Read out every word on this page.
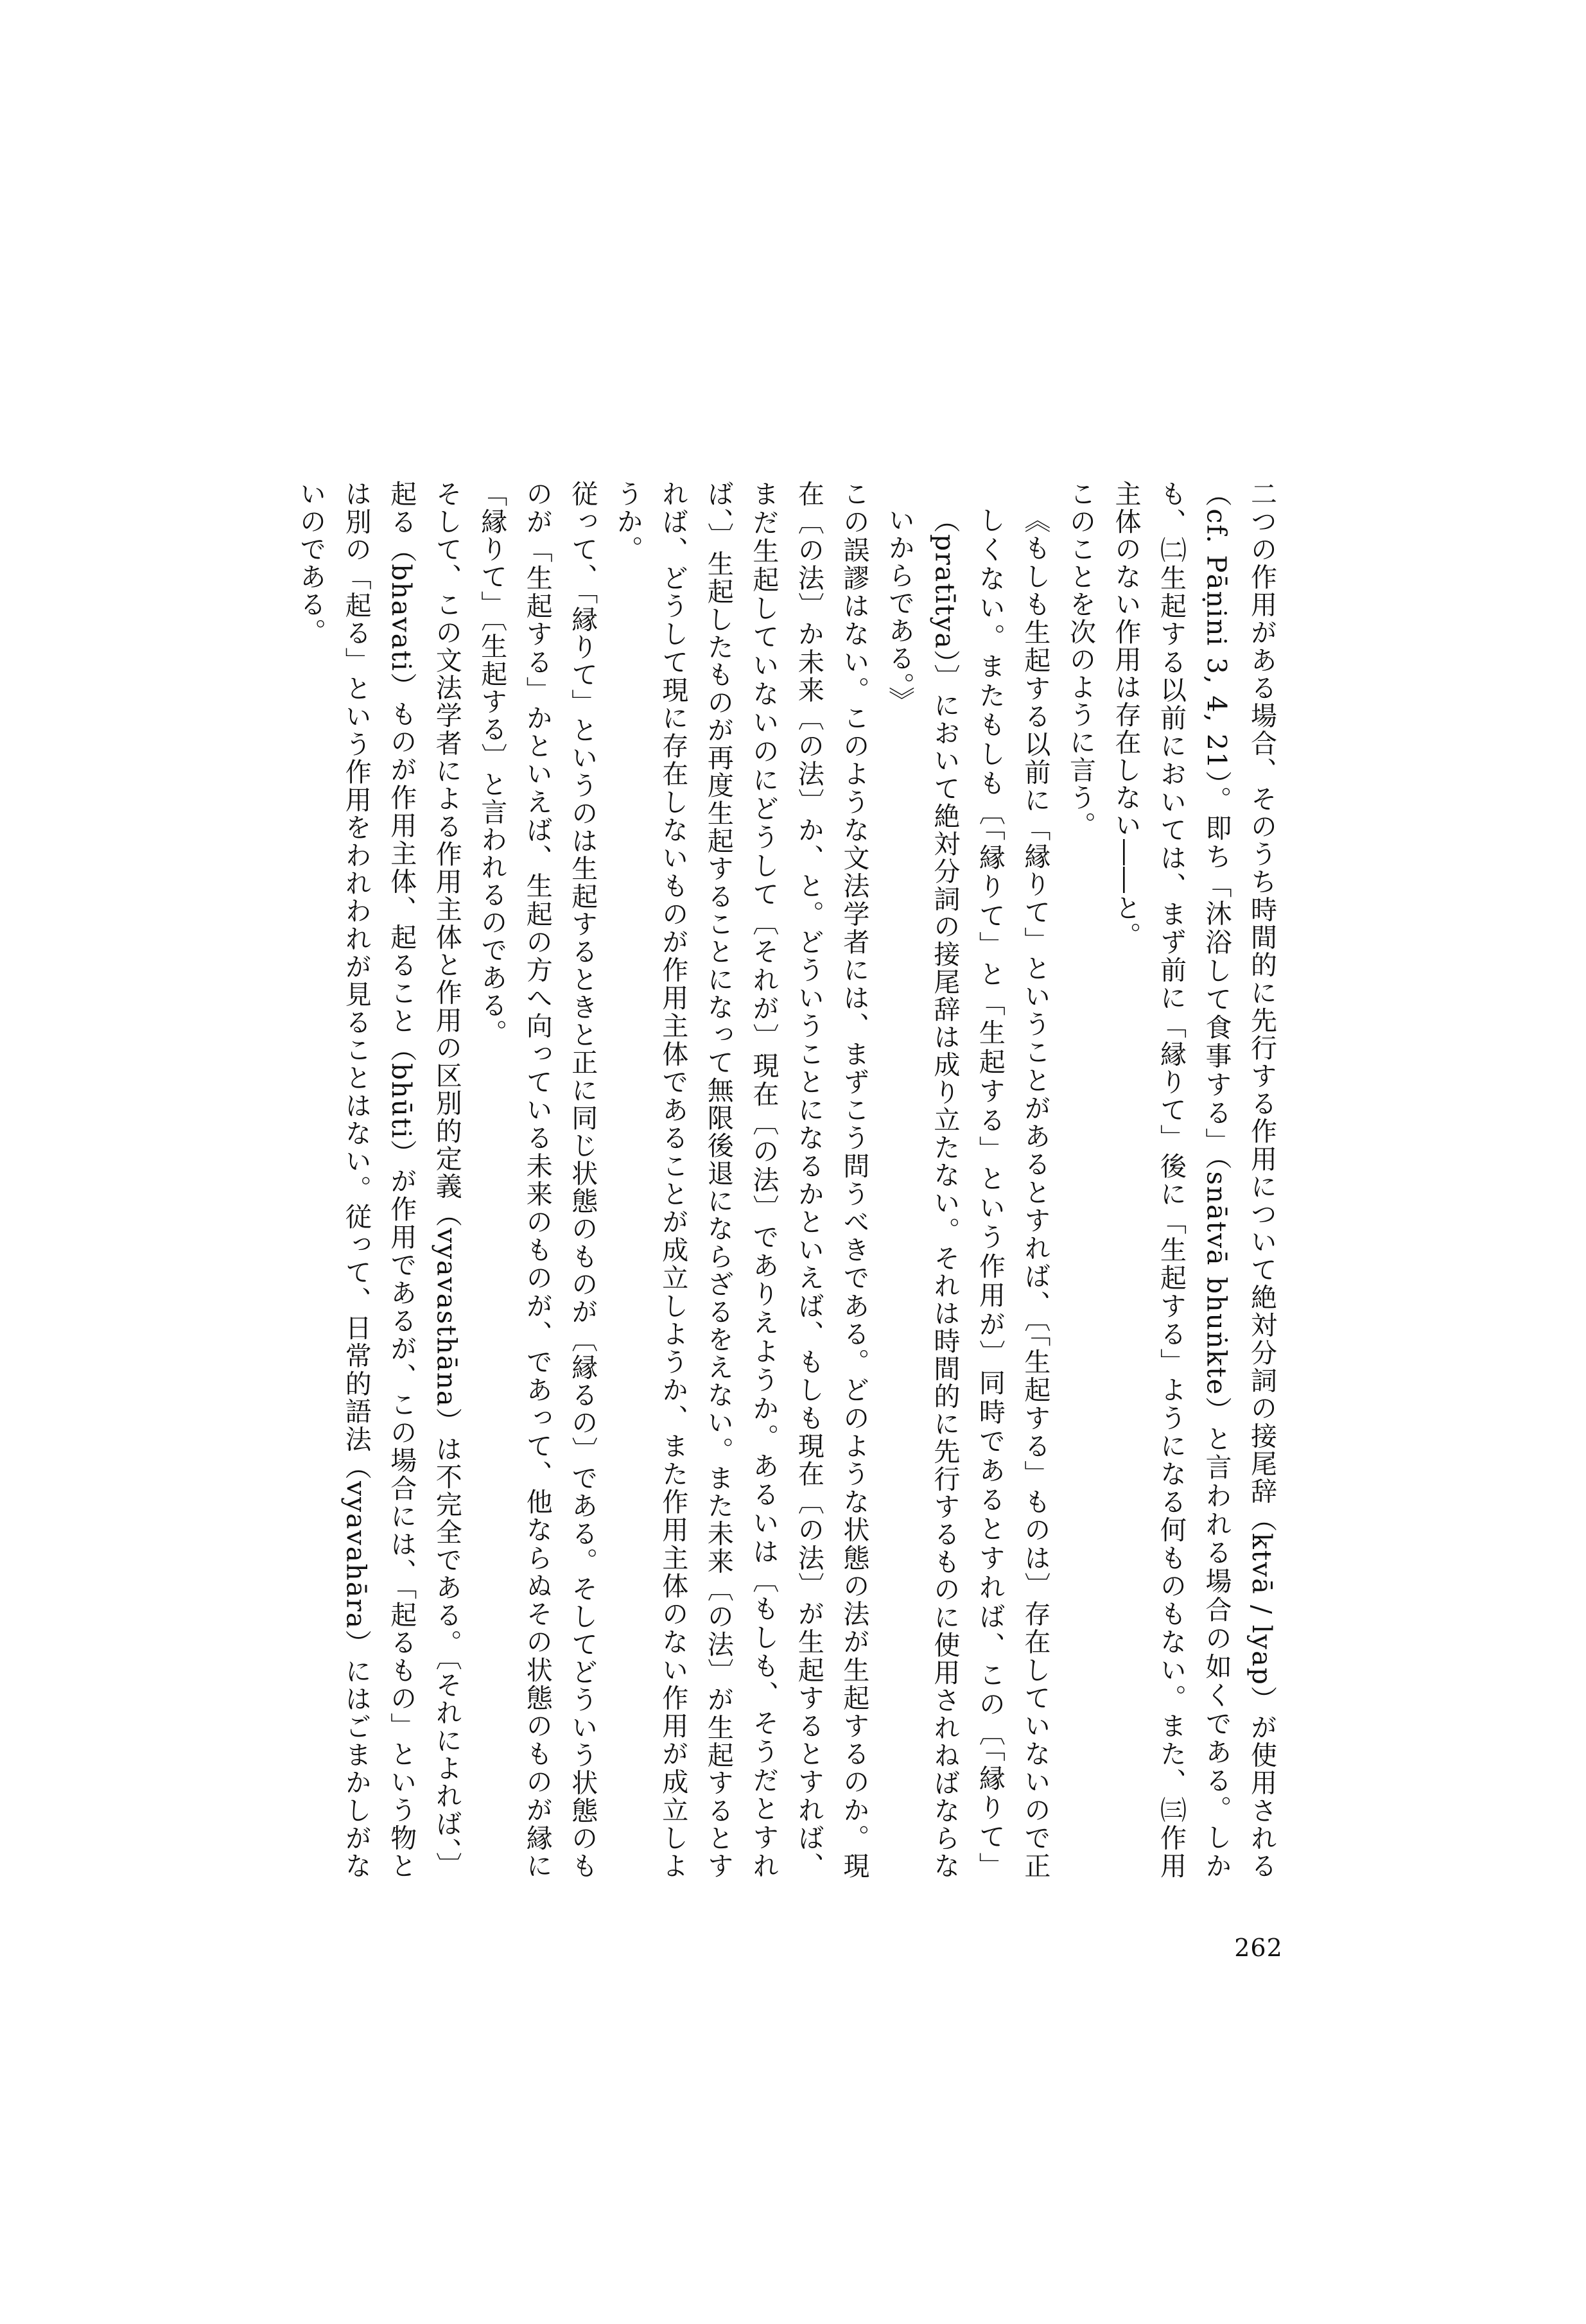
二つの作用がある場合、そのうち時間的に先行する作用について絶対分詞の接尾辞（ktvā / lyap）が使用される（cf. Pāṇini 3, 4, 21）。即ち「沐浴して食事する」（snātvā bhuṅkte）と言われる場合の如くである。しかも、㈡生起する以前においては、まず前に「縁りて」後に「生起する」ようになる何ものもない。また、㈢作用主体のない作用は存在しない――と。

このことを次のように言う。

《もしも生起する以前に「縁りて」ということがあるとすれば、〔「生起する」ものは〕存在していないので正しくない。またもしも〔「縁りて」と「生起する」という作用が〕同時であるとすれば、この〔「縁りて」（pratītya）〕において絶対分詞の接尾辞は成り立たない。それは時間的に先行するものに使用されねばならないからである。》

この誤謬はない。このような文法学者には、まずこう問うべきである。どのような状態の法が生起するのか。現在〔の法〕か未来〔の法〕か、と。どういうことになるかといえば、もしも現在〔の法〕が生起するとすれば、まだ生起していないのにどうして〔それが〕現在〔の法〕でありえようか。あるいは〔もしも、そうだとすれば、〕生起したものが再度生起することになって無限後退にならざるをえない。また未来〔の法〕が生起するとすれば、どうして現に存在しないものが作用主体であることが成立しようか、また作用主体のない作用が成立しようか。

従って、「縁りて」というのは生起するときと正に同じ状態のものが〔縁るの〕である。そしてどういう状態のものが「生起する」かといえば、生起の方へ向っている未来のものが、であって、他ならぬその状態のものが縁に「縁りて」〔生起する〕と言われるのである。

そして、この文法学者による作用主体と作用の区別的定義（vyavasthāna）は不完全である。〔それによれば、〕起る（bhavati）ものが作用主体、起ること（bhūti）が作用であるが、この場合には、「起るもの」という物とは別の「起る」という作用をわれわれが見ることはない。従って、日常的語法（vyavahāra）にはごまかしがないのである。

262
